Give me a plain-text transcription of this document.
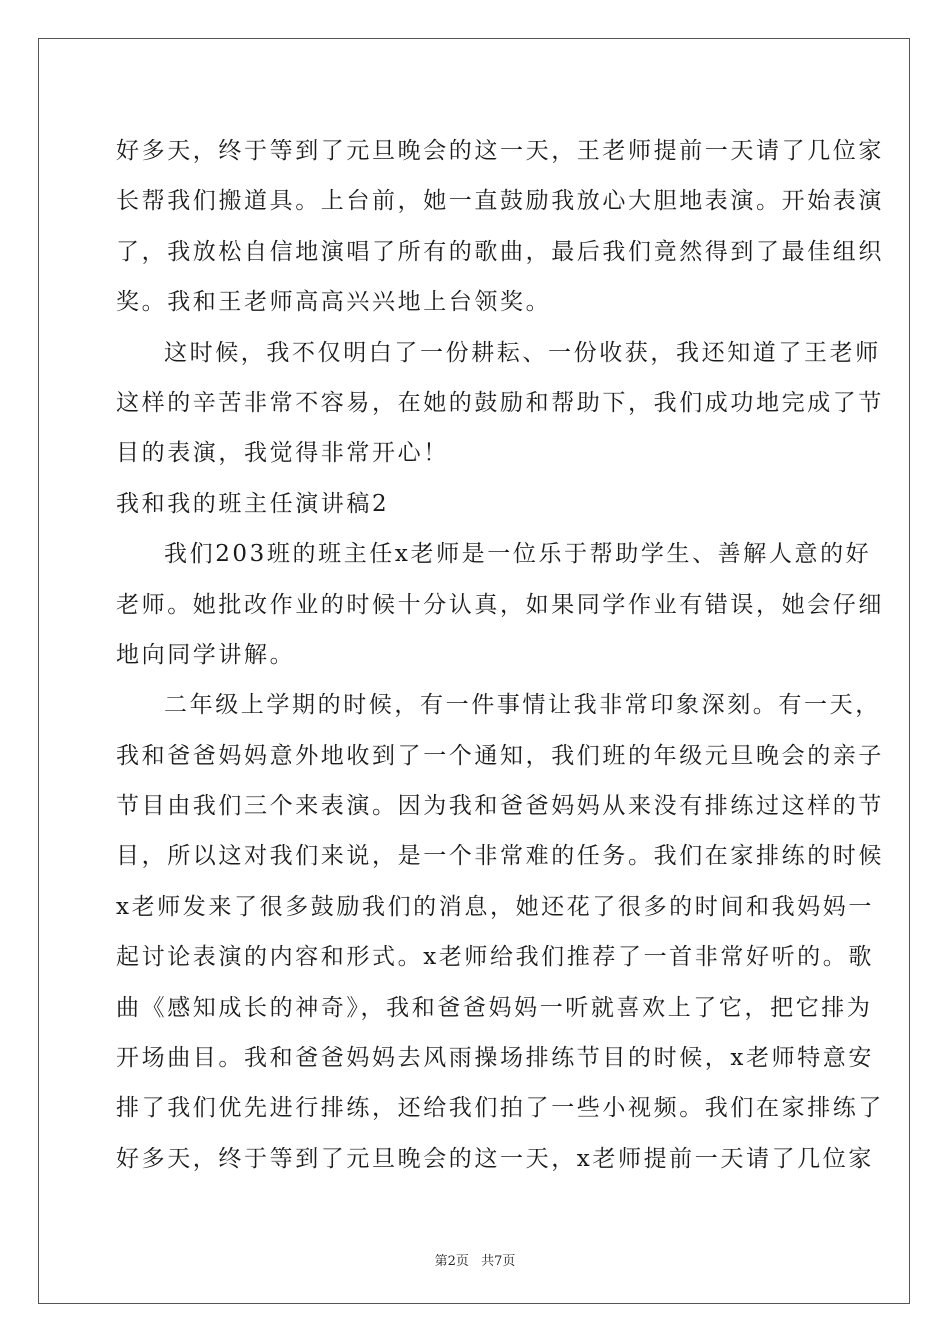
好多天，终于等到了元旦晚会的这一天，王老师提前一天请了几位家
长帮我们搬道具。上台前，她一直鼓励我放心大胆地表演。开始表演
了，我放松自信地演唱了所有的歌曲，最后我们竟然得到了最佳组织
奖。我和王老师高高兴兴地上台领奖。
这时候，我不仅明白了一份耕耘、一份收获，我还知道了王老师
这样的辛苦非常不容易，在她的鼓励和帮助下，我们成功地完成了节
目的表演，我觉得非常开心！
我和我的班主任演讲稿2
我们203班的班主任x老师是一位乐于帮助学生、善解人意的好
老师。她批改作业的时候十分认真，如果同学作业有错误，她会仔细
地向同学讲解。
二年级上学期的时候，有一件事情让我非常印象深刻。有一天，
我和爸爸妈妈意外地收到了一个通知，我们班的年级元旦晚会的亲子
节目由我们三个来表演。因为我和爸爸妈妈从来没有排练过这样的节
目，所以这对我们来说，是一个非常难的任务。我们在家排练的时候
x老师发来了很多鼓励我们的消息，她还花了很多的时间和我妈妈一
起讨论表演的内容和形式。x老师给我们推荐了一首非常好听的。歌
曲《感知成长的神奇》，我和爸爸妈妈一听就喜欢上了它，把它排为
开场曲目。我和爸爸妈妈去风雨操场排练节目的时候，x老师特意安
排了我们优先进行排练，还给我们拍了一些小视频。我们在家排练了
好多天，终于等到了元旦晚会的这一天，x老师提前一天请了几位家
第2页 共7页
